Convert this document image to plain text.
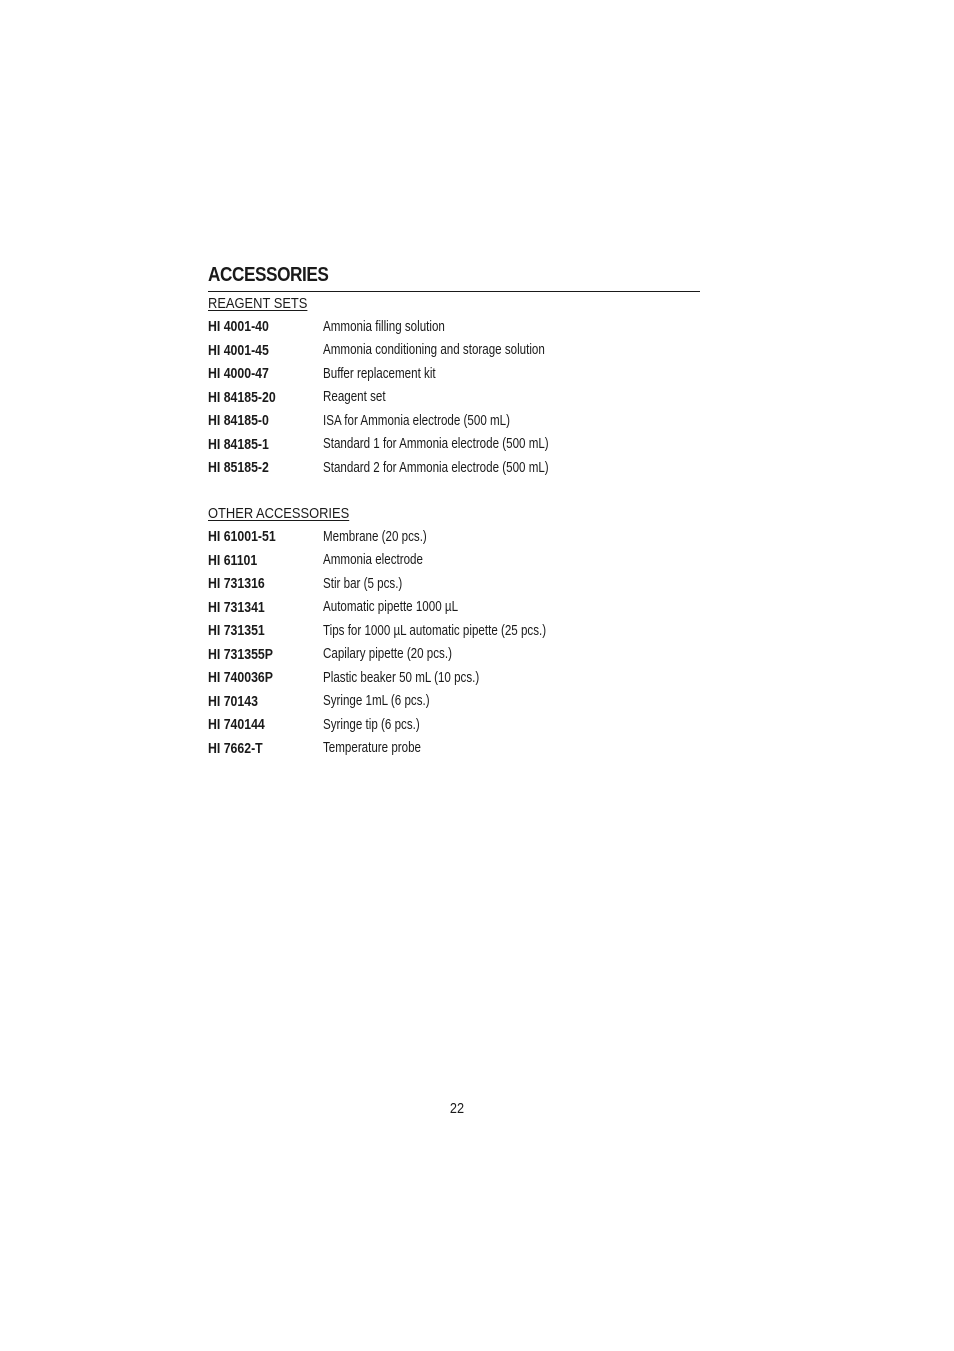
ACCESSORIES
REAGENT SETS
HI 4001-40	Ammonia filling solution
HI 4001-45	Ammonia conditioning and storage solution
HI 4000-47	Buffer replacement kit
HI 84185-20	Reagent set
HI 84185-0	ISA for Ammonia electrode (500 mL)
HI 84185-1	Standard 1 for Ammonia electrode (500 mL)
HI 85185-2	Standard 2 for Ammonia electrode (500 mL)
OTHER ACCESSORIES
HI 61001-51	Membrane (20 pcs.)
HI 61101	Ammonia electrode
HI 731316	Stir bar (5 pcs.)
HI 731341	Automatic pipette 1000 µL
HI 731351	Tips for 1000 µL automatic pipette (25 pcs.)
HI 731355P	Capilary pipette (20 pcs.)
HI 740036P	Plastic beaker 50 mL (10 pcs.)
HI 70143	Syringe 1mL (6 pcs.)
HI 740144	Syringe tip (6 pcs.)
HI 7662-T	Temperature probe
22
